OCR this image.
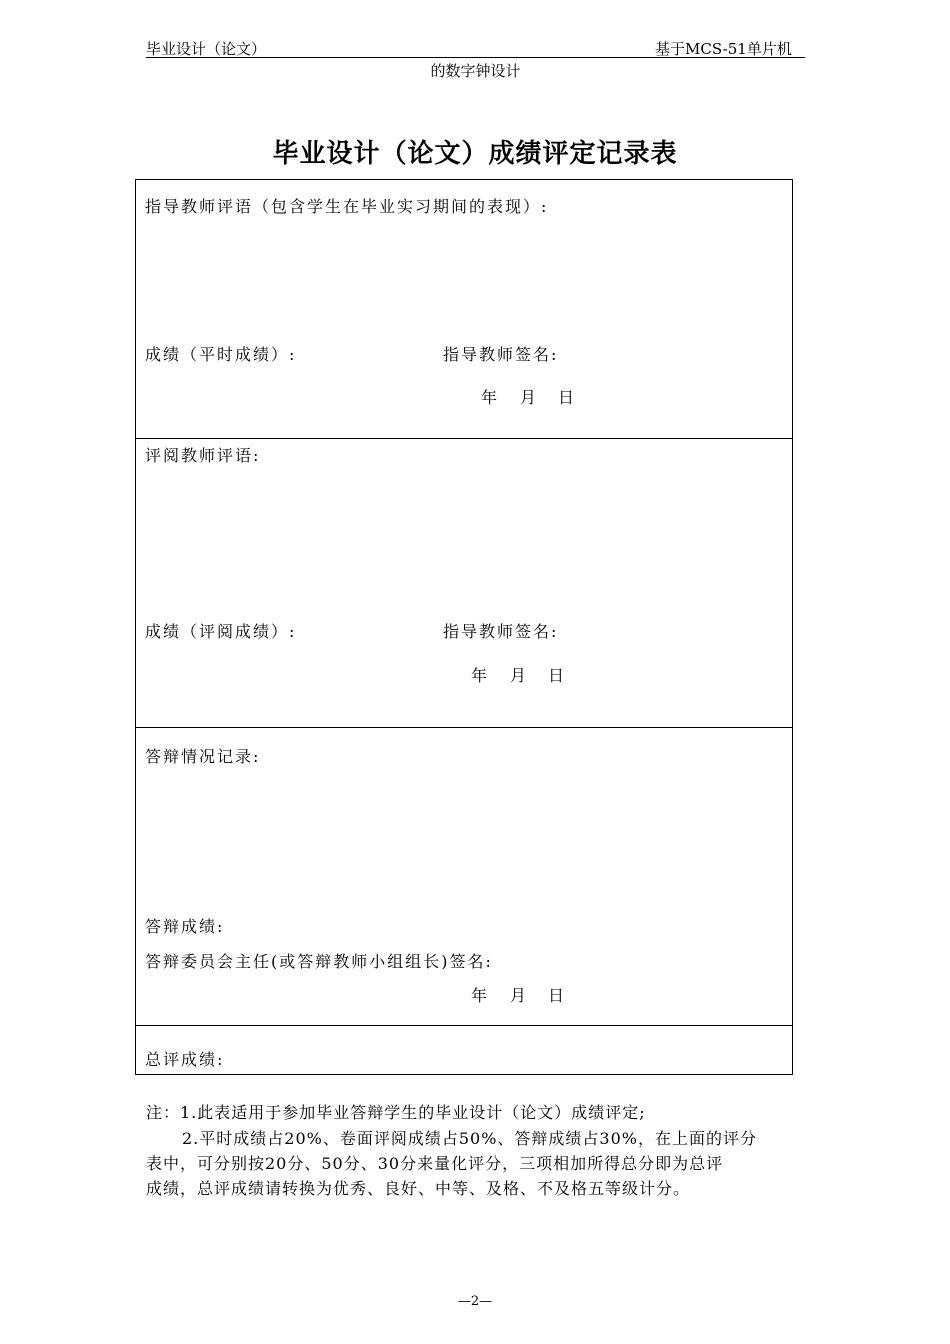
毕业设计（论文）	基于MCS-51单片机
的数字钟设计
毕业设计（论文）成绩评定记录表
指导教师评语（包含学生在毕业实习期间的表现）:
成绩（平时成绩）:	指导教师签名:
年 月 日
评阅教师评语:
成绩（评阅成绩）:	指导教师签名:
年 月 日
答辩情况记录:
答辩成绩:
答辩委员会主任(或答辩教师小组组长)签名:
年 月 日
总评成绩:
注：1.此表适用于参加毕业答辩学生的毕业设计（论文）成绩评定;
2.平时成绩占20%、卷面评阅成绩占50%、答辩成绩占30%，在上面的评分
表中，可分别按20分、50分、30分来量化评分，三项相加所得总分即为总评
成绩，总评成绩请转换为优秀、良好、中等、及格、不及格五等级计分。
—2—
